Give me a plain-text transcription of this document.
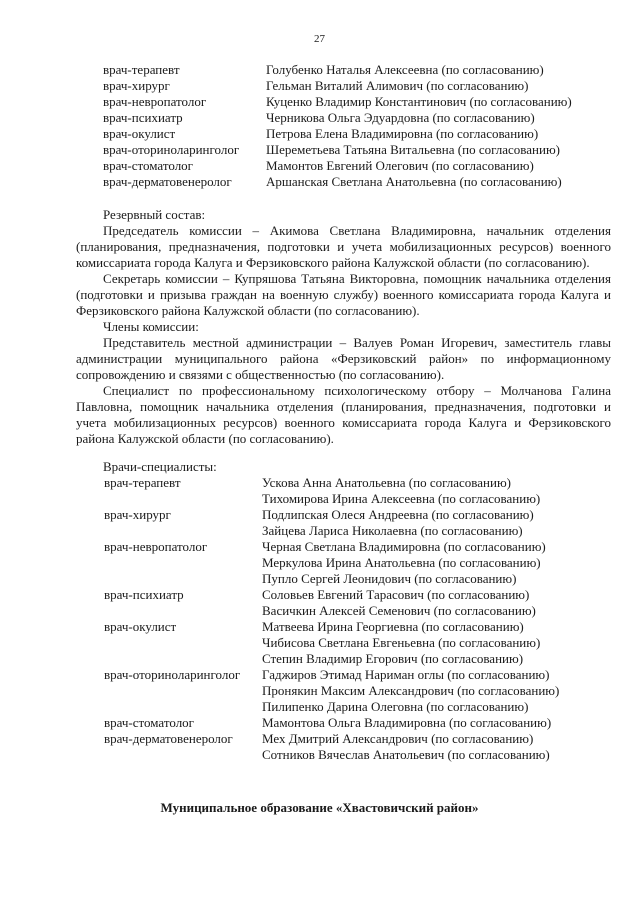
27
врач-терапевт	Голубенко Наталья Алексеевна (по согласованию)
врач-хирург	Гельман Виталий Алимович (по согласованию)
врач-невропатолог	Куценко Владимир Константинович (по согласованию)
врач-психиатр	Черникова Ольга Эдуардовна (по согласованию)
врач-окулист	Петрова Елена Владимировна (по согласованию)
врач-оториноларинголог Шереметьева Татьяна Витальевна (по согласованию)
врач-стоматолог	Мамонтов Евгений Олегович (по согласованию)
врач-дерматовенеролог	Аршанская Светлана Анатольевна (по согласованию)

Резервный состав:

Председатель комиссии – Акимова Светлана Владимировна, начальник отделения (планирования, предназначения, подготовки и учета мобилизационных ресурсов) военного комиссариата города Калуга и Ферзиковского района Калужской области (по согласованию).

Секретарь комиссии – Купряшова Татьяна Викторовна, помощник начальника отделения (подготовки и призыва граждан на военную службу) военного комиссариата города Калуга и Ферзиковского района Калужской области (по согласованию).

Члены комиссии:

Представитель местной администрации – Валуев Роман Игоревич, заместитель главы администрации муниципального района «Ферзиковский район» по информационному сопровождению и связями с общественностью (по согласованию).

Специалист по профессиональному психологическому отбору – Молчанова Галина Павловна, помощник начальника отделения (планирования, предназначения, подготовки и учета мобилизационных ресурсов) военного комиссариата города Калуга и Ферзиковского района Калужской области (по согласованию).

Врачи-специалисты:

врач-терапевт	Ускова Анна Анатольевна (по согласованию)
Тихомирова Ирина Алексеевна (по согласованию)
врач-хирург	Подлипская Олеся Андреевна (по согласованию)
Зайцева Лариса Николаевна (по согласованию)
врач-невропатолог	Черная Светлана Владимировна (по согласованию)
Меркулова Ирина Анатольевна (по согласованию)
Пупло Сергей Леонидович (по согласованию)
врач-психиатр	Соловьев Евгений Тарасович (по согласованию)
Васичкин Алексей Семенович (по согласованию)
врач-окулист	Матвеева Ирина Георгиевна (по согласованию)
Чибисова Светлана Евгеньевна (по согласованию)
Степин Владимир Егорович (по согласованию)
врач-оториноларинголог Гаджиров Этимад Нариман оглы (по согласованию)
Пронякин Максим Александрович (по согласованию)
Пилипенко Дарина Олеговна (по согласованию)
врач-стоматолог	Мамонтова Ольга Владимировна (по согласованию)
врач-дерматовенеролог Мех Дмитрий Александрович (по согласованию)
Сотников Вячеслав Анатольевич (по согласованию)
Муниципальное образование «Хвастовичский район»
